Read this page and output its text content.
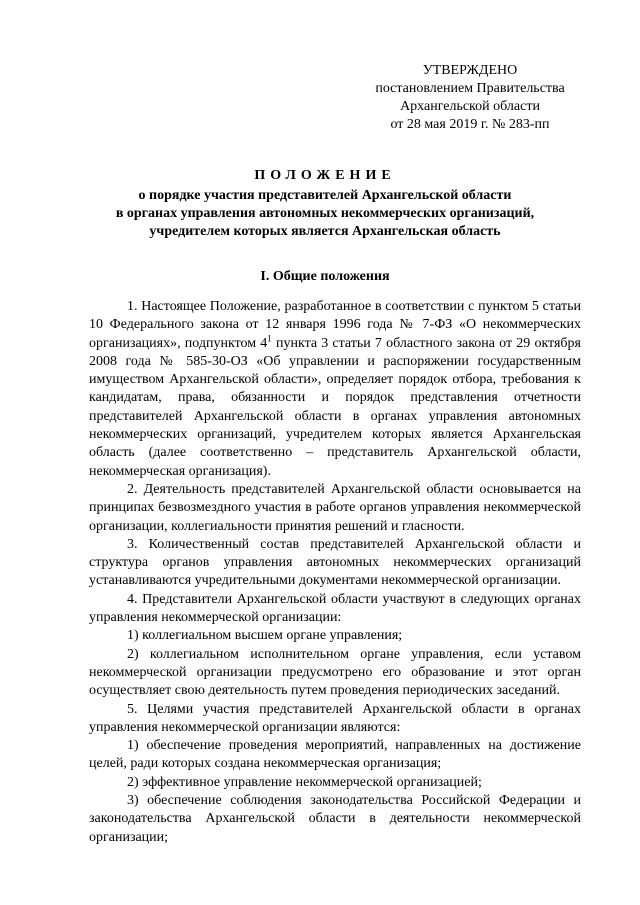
УТВЕРЖДЕНО
постановлением Правительства
Архангельской области
от 28 мая 2019 г. № 283-пп
ПОЛОЖЕНИЕ
о порядке участия представителей Архангельской области
в органах управления автономных некоммерческих организаций,
учредителем которых является Архангельская область
I. Общие положения

1. Настоящее Положение, разработанное в соответствии с пунктом 5 статьи 10 Федерального закона от 12 января 1996 года № 7-ФЗ «О некоммерческих организациях», подпунктом $4^1$ пункта 3 статьи 7 областного закона от 29 октября 2008 года № 585-30-ОЗ «Об управлении и распоряжении государственным имуществом Архангельской области», определяет порядок отбора, требования к кандидатам, права, обязанности и порядок представления отчетности представителей Архангельской области в органах управления автономных некоммерческих организаций, учредителем которых является Архангельская область (далее соответственно – представитель Архангельской области, некоммерческая организация).

2. Деятельность представителей Архангельской области основывается на принципах безвозмездного участия в работе органов управления некоммерческой организации, коллегиальности принятия решений и гласности.

3. Количественный состав представителей Архангельской области и структура органов управления автономных некоммерческих организаций устанавливаются учредительными документами некоммерческой организации.

4. Представители Архангельской области участвуют в следующих органах управления некоммерческой организации:

1) коллегиальном высшем органе управления;

2) коллегиальном исполнительном органе управления, если уставом некоммерческой организации предусмотрено его образование и этот орган осуществляет свою деятельность путем проведения периодических заседаний.

5. Целями участия представителей Архангельской области в органах управления некоммерческой организации являются:

1) обеспечение проведения мероприятий, направленных на достижение целей, ради которых создана некоммерческая организация;

2) эффективное управление некоммерческой организацией;

3) обеспечение соблюдения законодательства Российской Федерации и законодательства Архангельской области в деятельности некоммерческой организации;
